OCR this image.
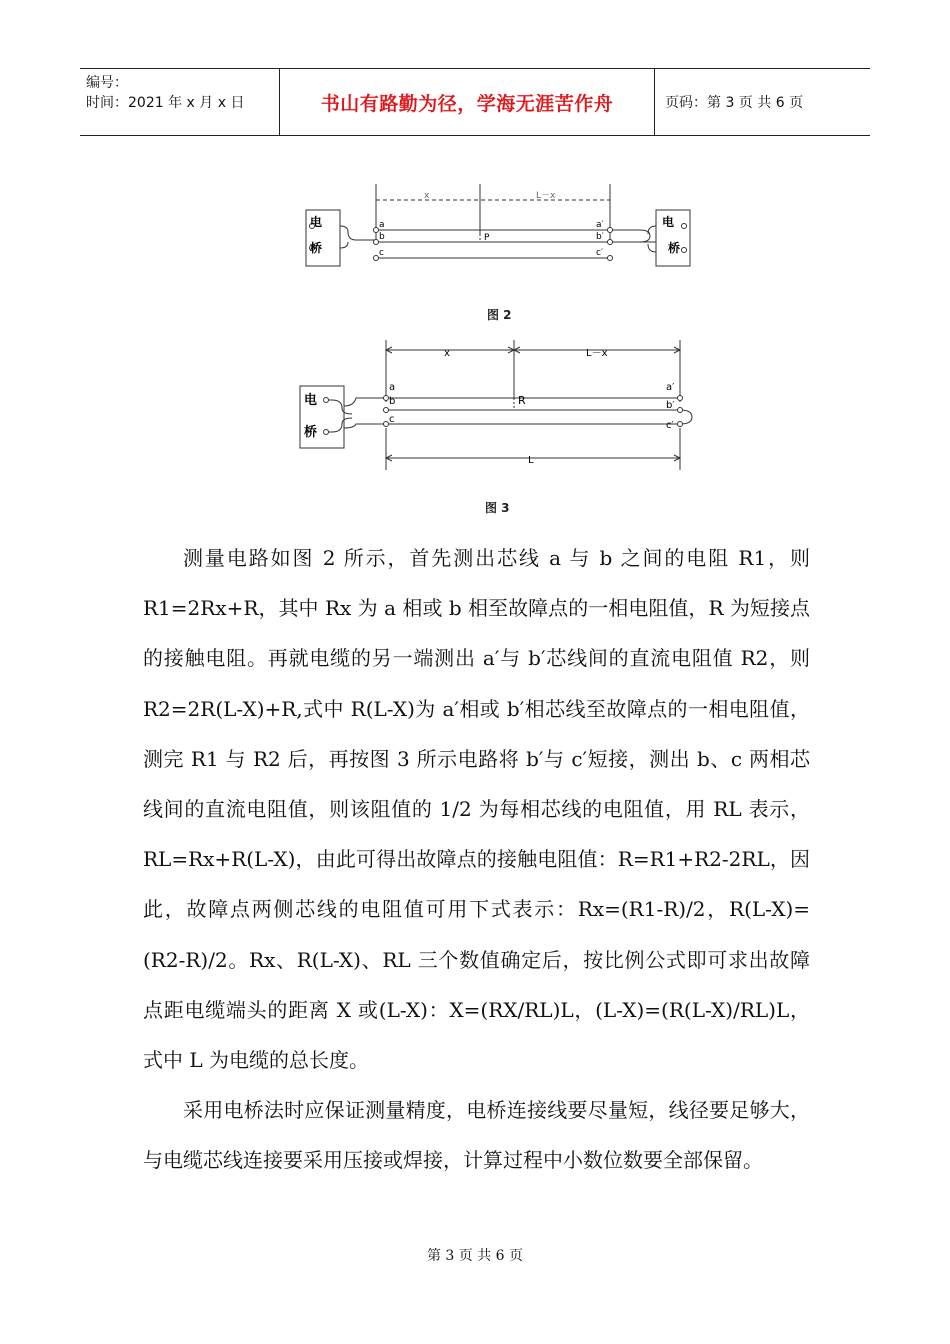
编号：
时间：2021 年 x 月 x 日	书山有路勤为径，学海无涯苦作舟	页码：第 3 页 共 6 页
电
桥
电
桥
a
b
c
a′
b′
c′
P
x	L－x
图 2
电
桥
a
b
c
a′
b′
c′
R
x	L－x
L
图 3

测量电路如图 2 所示，首先测出芯线 a 与 b 之间的电阻 R1，则 R1=2Rx+R，其中 Rx 为 a 相或 b 相至故障点的一相电阻值，R 为短接点的接触电阻。再就电缆的另一端测出 a′与 b′芯线间的直流电阻值 R2，则 R2=2R(L-X)+R,式中 R(L-X)为 a′相或 b′相芯线至故障点的一相电阻值，测完 R1 与 R2 后，再按图 3 所示电路将 b′与 c′短接，测出 b、c 两相芯线间的直流电阻值，则该阻值的 1/2 为每相芯线的电阻值，用 RL 表示，RL=Rx+R(L-X)，由此可得出故障点的接触电阻值：R=R1+R2-2RL，因此，故障点两侧芯线的电阻值可用下式表示：Rx=(R1-R)/2，R(L-X)=(R2-R)/2。Rx、R(L-X)、RL 三个数值确定后，按比例公式即可求出故障点距电缆端头的距离 X 或(L-X)：X=(RX/RL)L，(L-X)=(R(L-X)/RL)L，式中 L 为电缆的总长度。

采用电桥法时应保证测量精度，电桥连接线要尽量短，线径要足够大，与电缆芯线连接要采用压接或焊接，计算过程中小数位数要全部保留。

第 3 页 共 6 页
